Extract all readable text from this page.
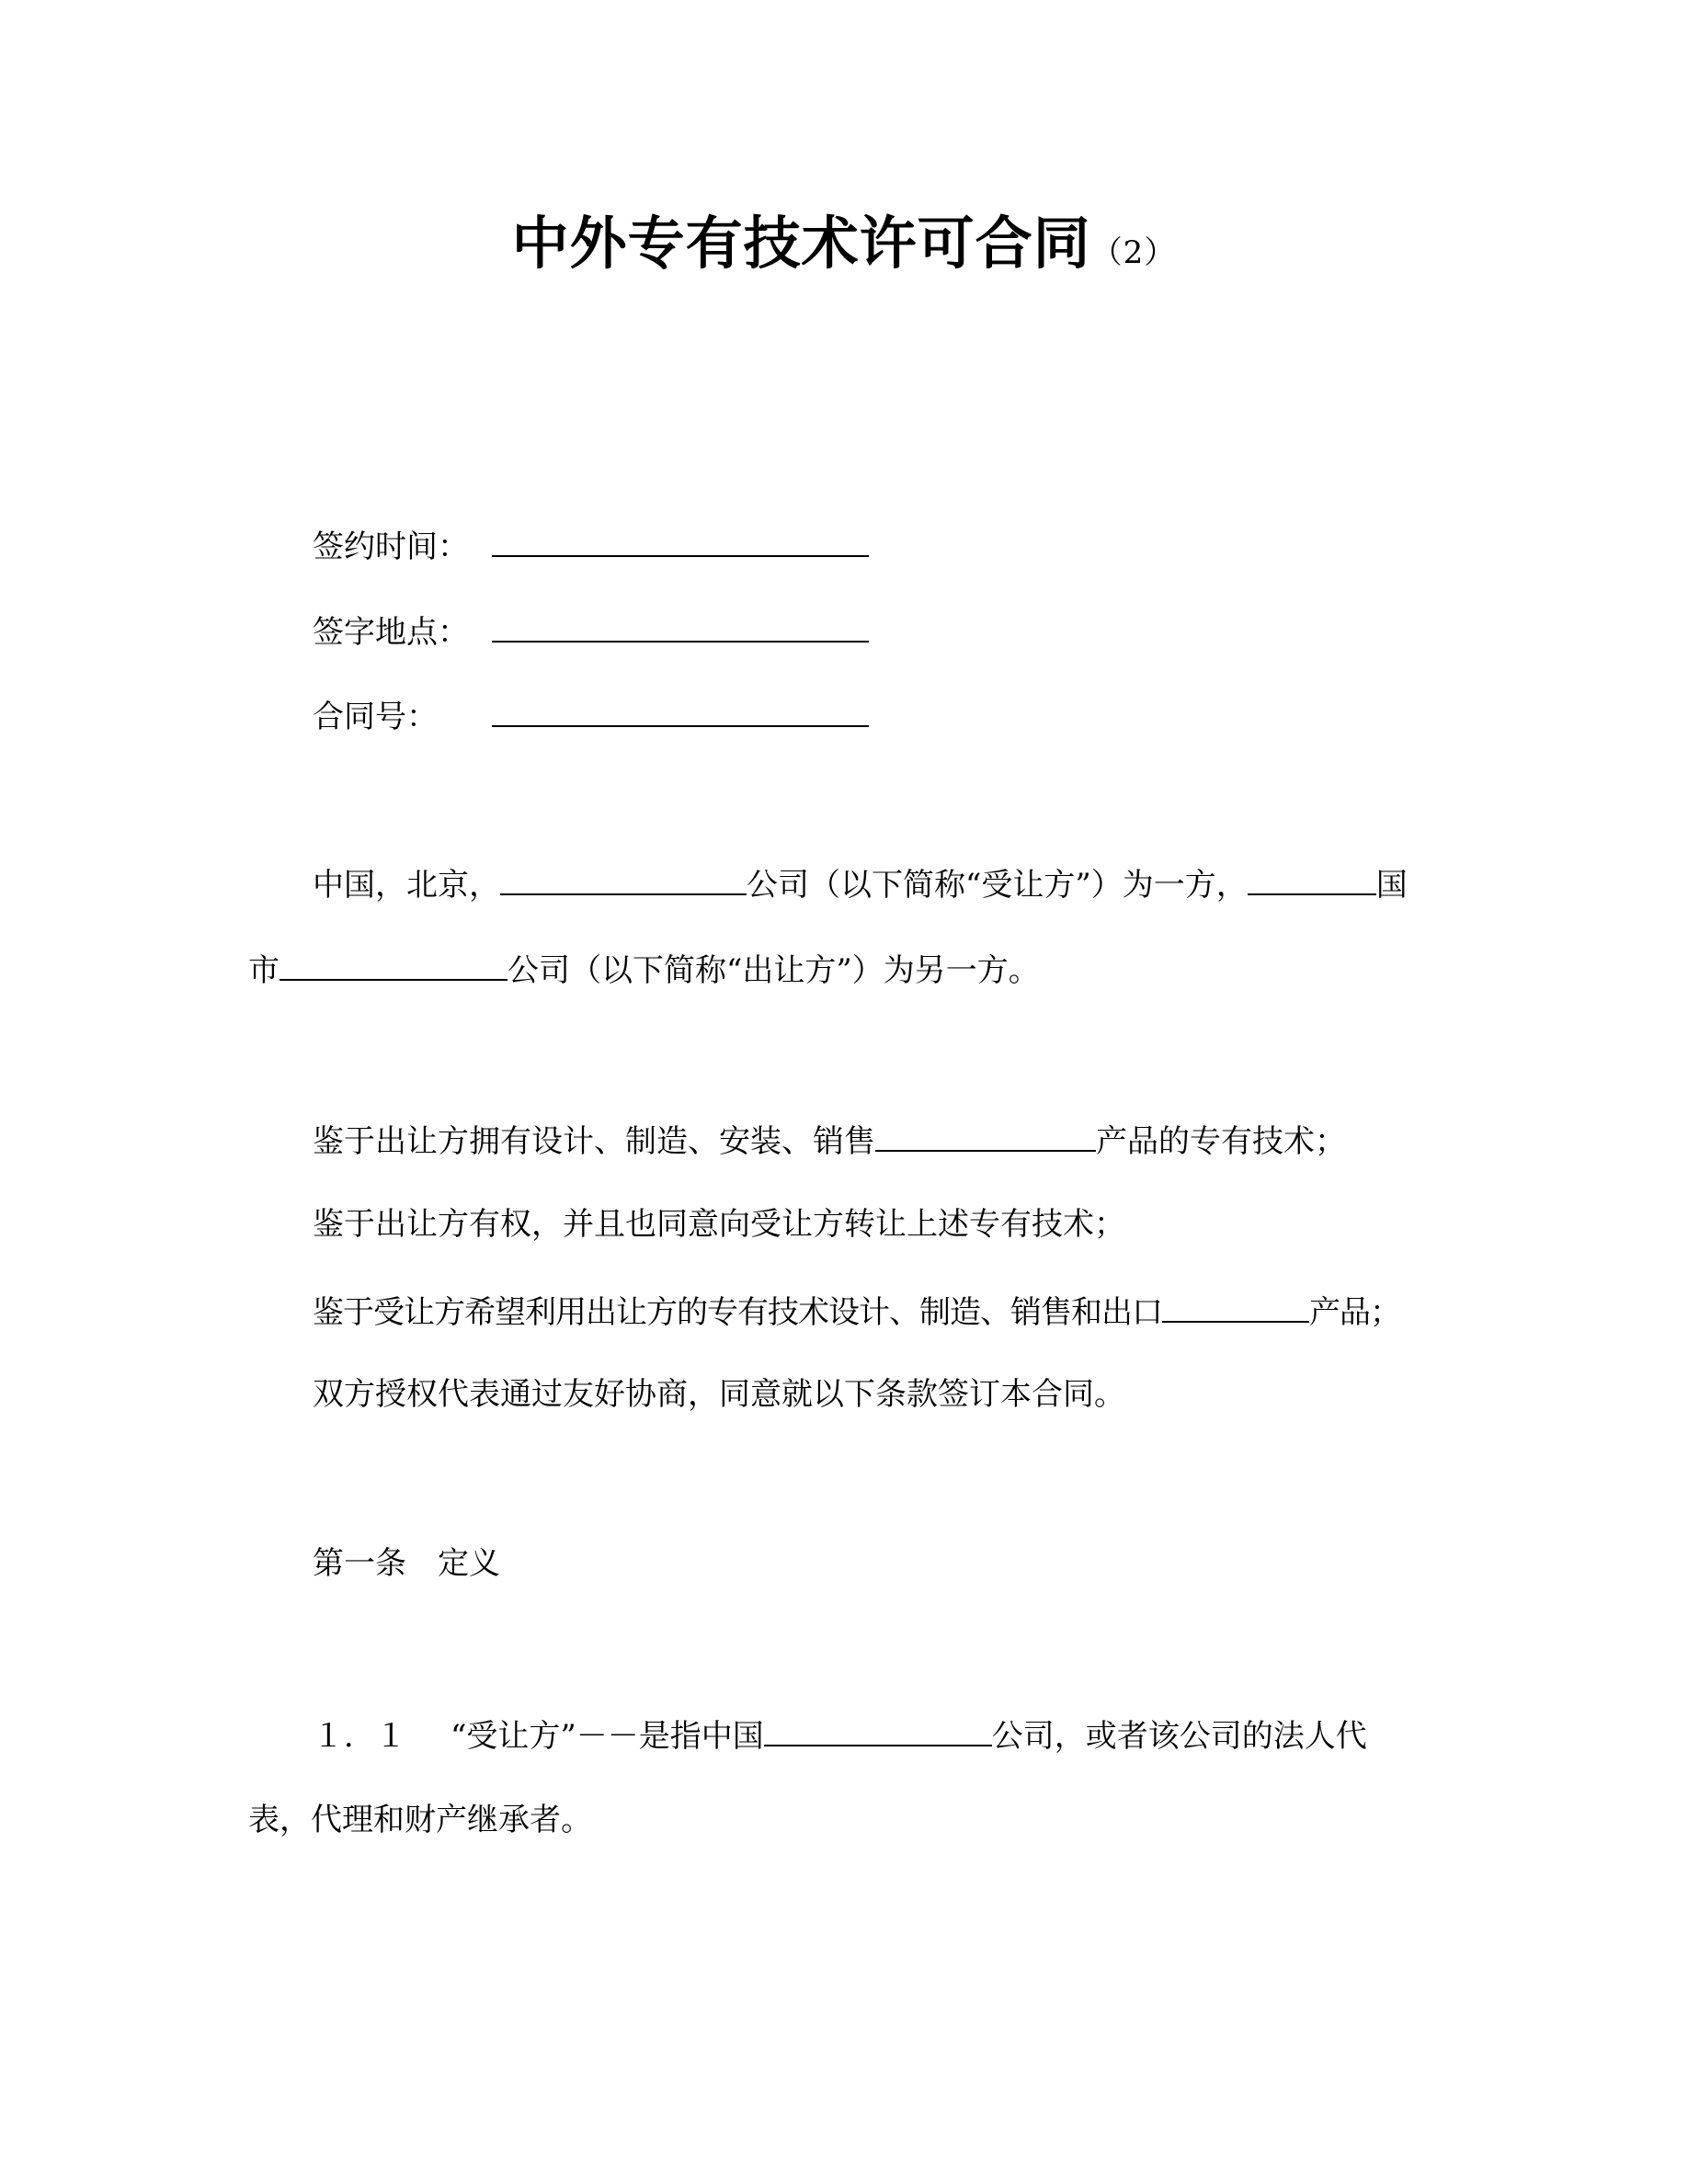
中外专有技术许可合同（2）
签约时间：
签字地点：
合同号：
中国，北京，	公司（以下简称“受让方”）为一方，	国
市	公司（以下简称“出让方”）为另一方。
鉴于出让方拥有设计、制造、安装、销售	产品的专有技术；
鉴于出让方有权，并且也同意向受让方转让上述专有技术；
鉴于受让方希望利用出让方的专有技术设计、制造、销售和出口	产品；
双方授权代表通过友好协商，同意就以下条款签订本合同。
第一条　定义
１．１ “受让方”－－是指中国	公司，或者该公司的法人代
表，代理和财产继承者。
